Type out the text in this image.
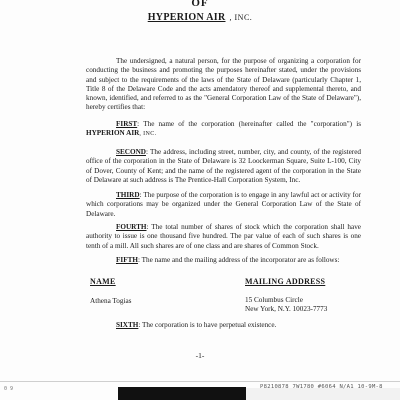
OF
HYPERION AIR , INC.
The undersigned, a natural person, for the purpose of organizing a corporation for conducting the business and promoting the purposes hereinafter stated, under the provisions and subject to the requirements of the laws of the State of Delaware (particularly Chapter 1, Title 8 of the Delaware Code and the acts amendatory thereof and supplemental thereto, and known, identified, and referred to as the "General Corporation Law of the State of Delaware"), hereby certifies that:
FIRST: The name of the corporation (hereinafter called the "corporation") is HYPERION AIR, INC.
SECOND: The address, including street, number, city, and county, of the registered office of the corporation in the State of Delaware is 32 Loockerman Square, Suite L-100, City of Dover, County of Kent; and the name of the registered agent of the corporation in the State of Delaware at such address is The Prentice-Hall Corporation System, Inc.
THIRD: The purpose of the corporation is to engage in any lawful act or activity for which corporations may be organized under the General Corporation Law of the State of Delaware.
FOURTH: The total number of shares of stock which the corporation shall have authority to issue is one thousand five hundred. The par value of each of such shares is one tenth of a mill. All such shares are of one class and are shares of Common Stock.
FIFTH: The name and the mailing address of the incorporator are as follows:
NAME	MAILING ADDRESS
Athena Togias	15 Columbus Circle
New York, N.Y. 10023-7773
SIXTH: The corporation is to have perpetual existence.
-1-
0 9	P8210878 7W1780 #6064 N/A1 10-9M-8
